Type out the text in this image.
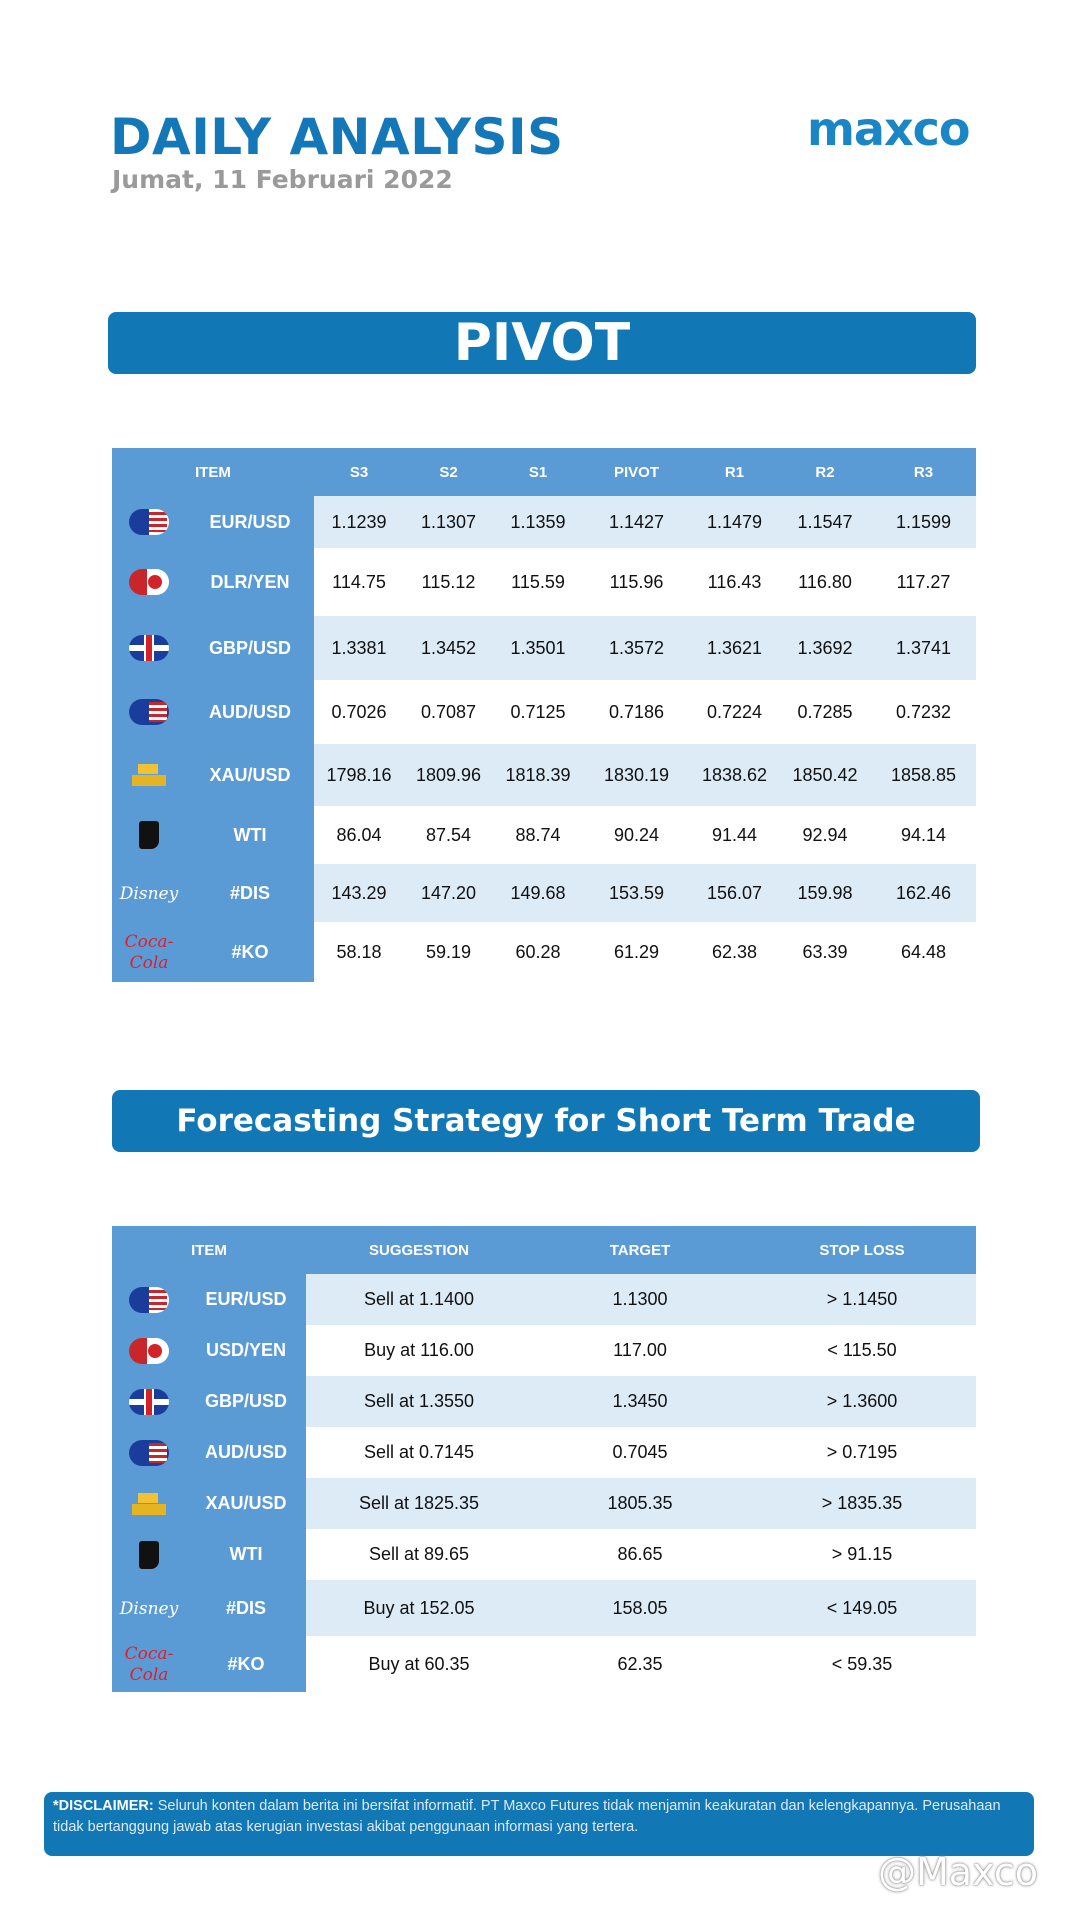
DAILY ANALYSIS
Jumat, 11 Februari 2022
maxco
PIVOT
ITEM		S3	S2	S1	PIVOT	R1	R2	R3
	EUR/USD	1.1239	1.1307	1.1359	1.1427	1.1479	1.1547	1.1599
	DLR/YEN	114.75	115.12	115.59	115.96	116.43	116.80	117.27
	GBP/USD	1.3381	1.3452	1.3501	1.3572	1.3621	1.3692	1.3741
	AUD/USD	0.7026	0.7087	0.7125	0.7186	0.7224	0.7285	0.7232
	XAU/USD	1798.16	1809.96	1818.39	1830.19	1838.62	1850.42	1858.85
	WTI	86.04	87.54	88.74	90.24	91.44	92.94	94.14
Disney	#DIS	143.29	147.20	149.68	153.59	156.07	159.98	162.46
Coca-Cola	#KO	58.18	59.19	60.28	61.29	62.38	63.39	64.48
Forecasting Strategy for Short Term Trade
ITEM		SUGGESTION	TARGET	STOP LOSS
	EUR/USD	Sell at 1.1400	1.1300	> 1.1450
	USD/YEN	Buy at 116.00	117.00	< 115.50
	GBP/USD	Sell at 1.3550	1.3450	> 1.3600
	AUD/USD	Sell at 0.7145	0.7045	> 0.7195
	XAU/USD	Sell at 1825.35	1805.35	> 1835.35
	WTI	Sell at 89.65	86.65	> 91.15
Disney	#DIS	Buy at 152.05	158.05	< 149.05
Coca-Cola	#KO	Buy at 60.35	62.35	< 59.35
*DISCLAIMER: Seluruh konten dalam berita ini bersifat informatif. PT Maxco Futures tidak menjamin keakuratan dan kelengkapannya. Perusahaan tidak bertanggung jawab atas kerugian investasi akibat penggunaan informasi yang tertera.
@Maxco
